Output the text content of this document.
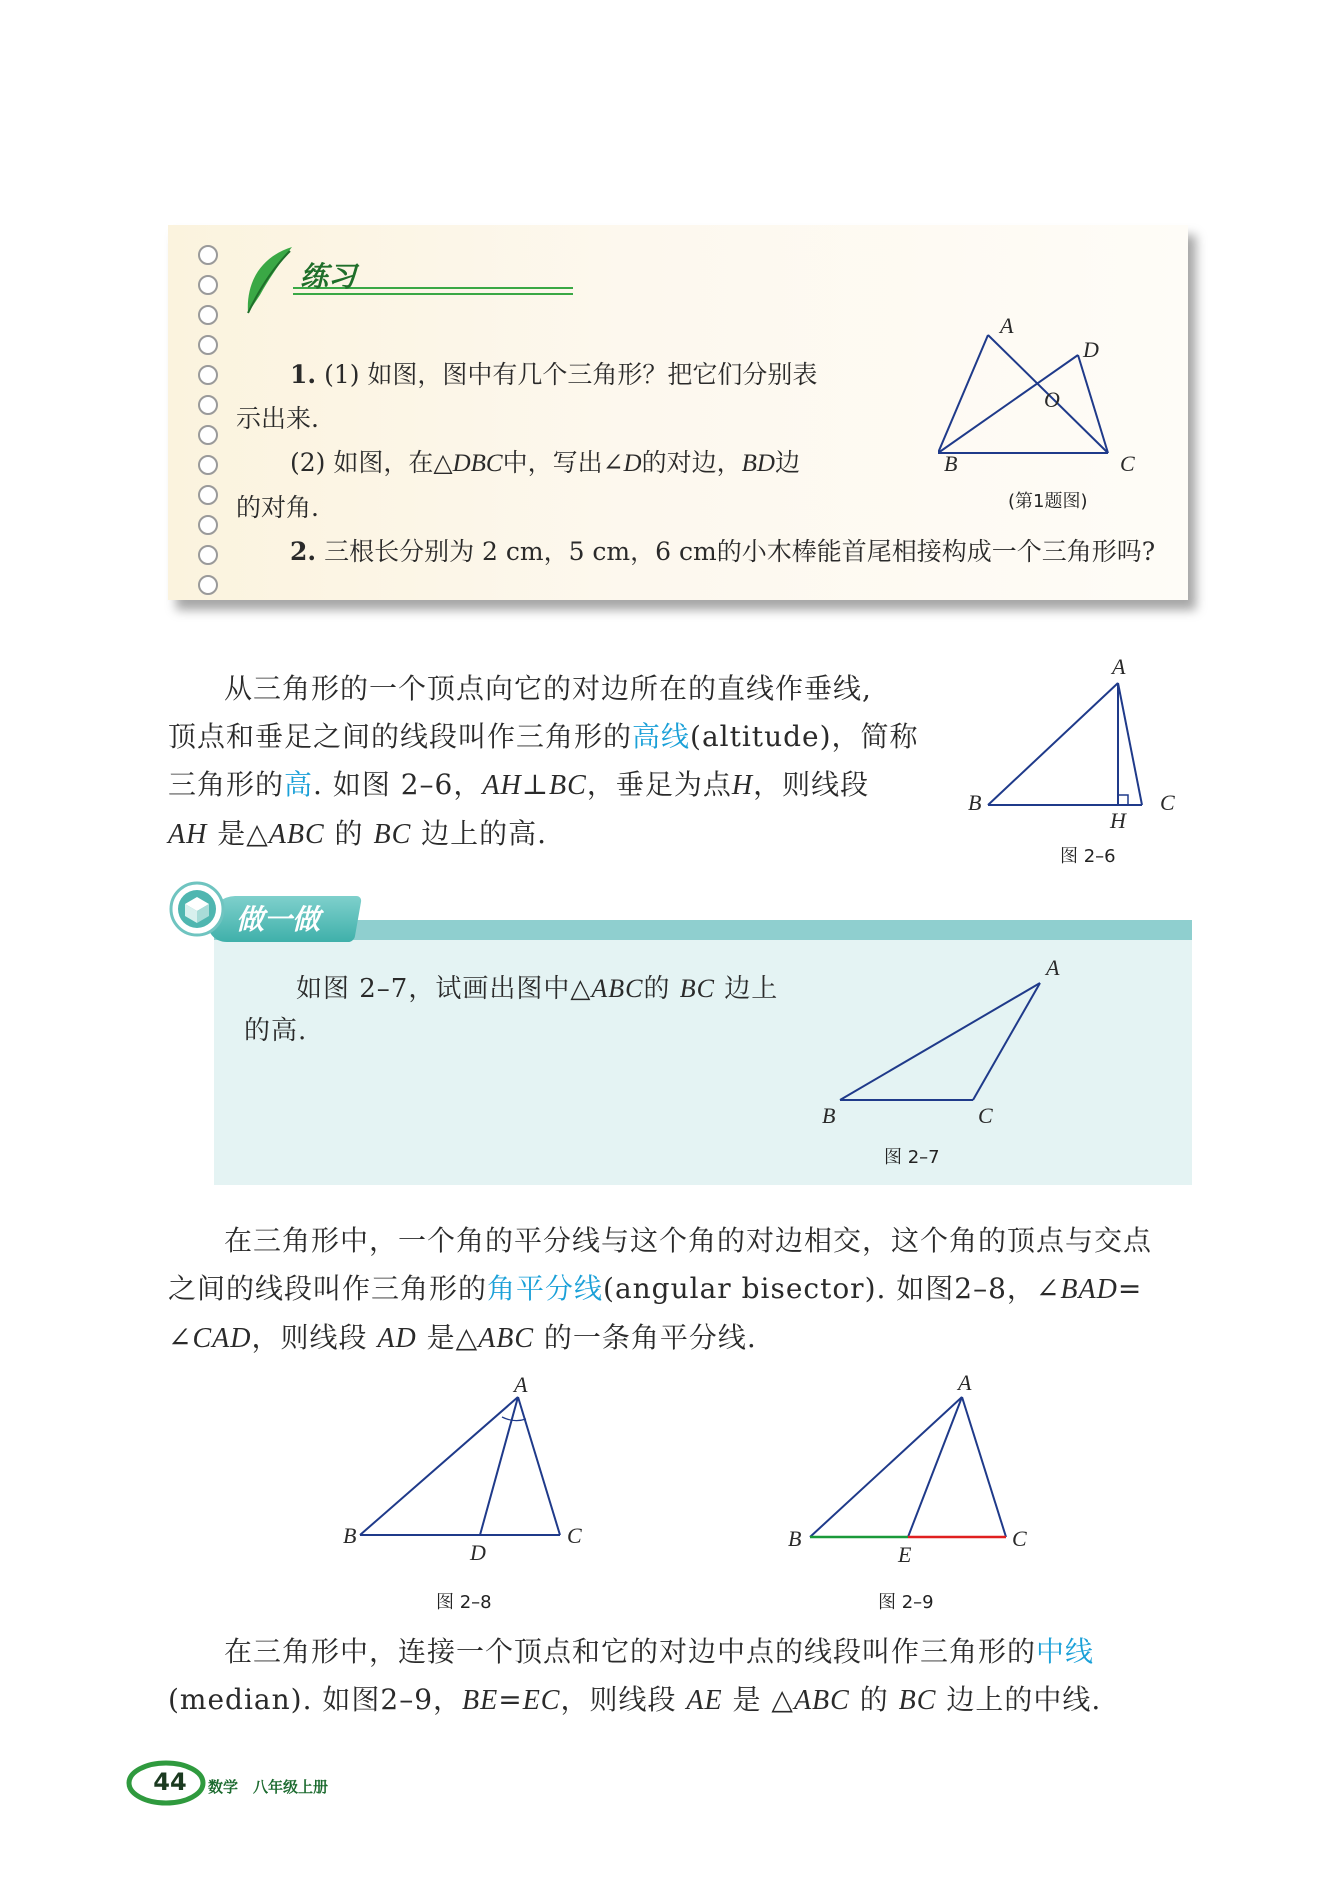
练习
1. (1) 如图，图中有几个三角形？把它们分别表
示出来.
(2) 如图，在△DBC中，写出∠D的对边，BD边
的对角.
2. 三根长分别为 2 cm，5 cm，6 cm的小木棒能首尾相接构成一个三角形吗?
A
D
O
B	C
(第1题图)
从三角形的一个顶点向它的对边所在的直线作垂线,
顶点和垂足之间的线段叫作三角形的高线(altitude)，简称
三角形的高. 如图 2–6，AH⊥BC，垂足为点H，则线段
AH 是△ABC 的 BC 边上的高.
A
B	C
H
图 2–6
做一做
如图 2–7，试画出图中△ABC的 BC 边上
的高.
A
B	C
图 2–7
在三角形中，一个角的平分线与这个角的对边相交，这个角的顶点与交点
之间的线段叫作三角形的角平分线(angular bisector). 如图2–8，∠BAD=
∠CAD，则线段 AD 是△ABC 的一条角平分线.
A
B	C
D
图 2–8
A
B	C
E
图 2–9
在三角形中，连接一个顶点和它的对边中点的线段叫作三角形的中线
(median). 如图2–9，BE=EC，则线段 AE 是 △ABC 的 BC 边上的中线.
44	数学　八年级上册
